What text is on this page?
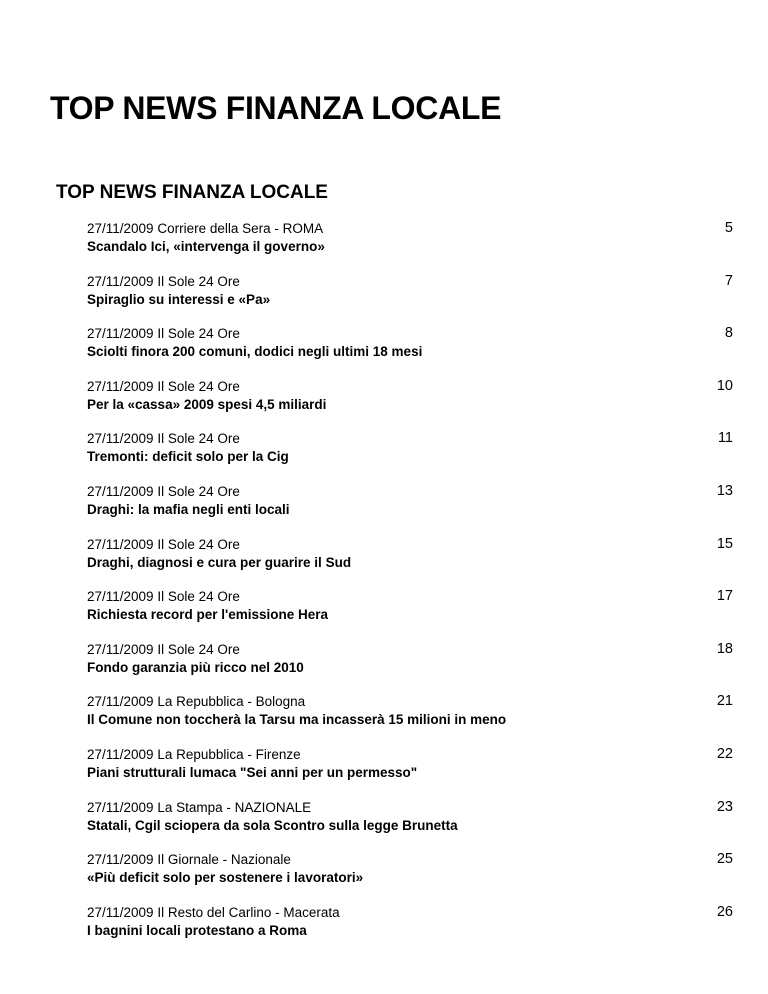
TOP NEWS FINANZA LOCALE
TOP NEWS FINANZA LOCALE
27/11/2009 Corriere della Sera - ROMA
Scandalo Ici, «intervenga il governo»
5
27/11/2009 Il Sole 24 Ore
Spiraglio su interessi e «Pa»
7
27/11/2009 Il Sole 24 Ore
Sciolti finora 200 comuni, dodici negli ultimi 18 mesi
8
27/11/2009 Il Sole 24 Ore
Per la «cassa» 2009 spesi 4,5 miliardi
10
27/11/2009 Il Sole 24 Ore
Tremonti: deficit solo per la Cig
11
27/11/2009 Il Sole 24 Ore
Draghi: la mafia negli enti locali
13
27/11/2009 Il Sole 24 Ore
Draghi, diagnosi e cura per guarire il Sud
15
27/11/2009 Il Sole 24 Ore
Richiesta record per l'emissione Hera
17
27/11/2009 Il Sole 24 Ore
Fondo garanzia più ricco nel 2010
18
27/11/2009 La Repubblica - Bologna
Il Comune non toccherà la Tarsu ma incasserà 15 milioni in meno
21
27/11/2009 La Repubblica - Firenze
Piani strutturali lumaca "Sei anni per un permesso"
22
27/11/2009 La Stampa - NAZIONALE
Statali, Cgil sciopera da sola Scontro sulla legge Brunetta
23
27/11/2009 Il Giornale - Nazionale
«Più deficit solo per sostenere i lavoratori»
25
27/11/2009 Il Resto del Carlino - Macerata
I bagnini locali protestano a Roma
26
